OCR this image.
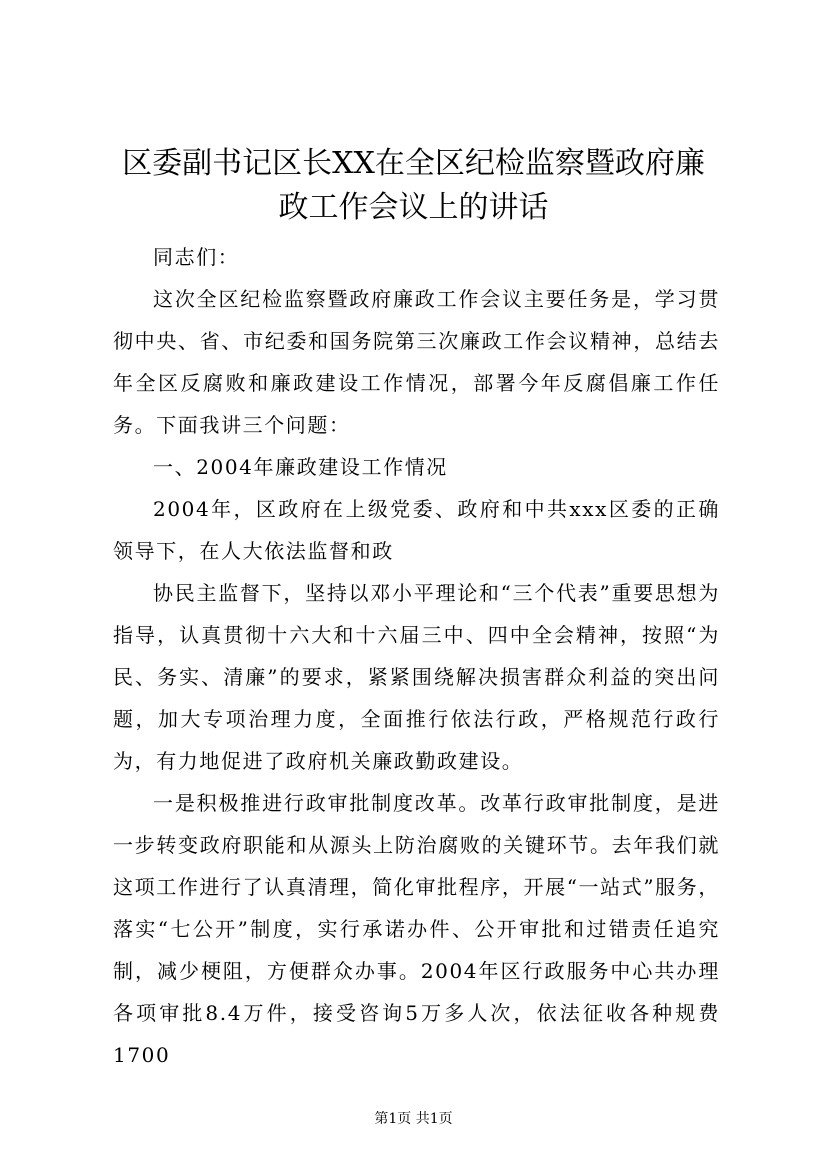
区委副书记区长XX在全区纪检监察暨政府廉
政工作会议上的讲话

同志们：

这次全区纪检监察暨政府廉政工作会议主要任务是，学习贯彻中央、省、市纪委和国务院第三次廉政工作会议精神，总结去年全区反腐败和廉政建设工作情况，部署今年反腐倡廉工作任务。下面我讲三个问题：

一、2004年廉政建设工作情况

2004年，区政府在上级党委、政府和中共xxx区委的正确领导下，在人大依法监督和政

协民主监督下，坚持以邓小平理论和“三个代表”重要思想为指导，认真贯彻十六大和十六届三中、四中全会精神，按照“为民、务实、清廉”的要求，紧紧围绕解决损害群众利益的突出问题，加大专项治理力度，全面推行依法行政，严格规范行政行为，有力地促进了政府机关廉政勤政建设。

一是积极推进行政审批制度改革。改革行政审批制度，是进一步转变政府职能和从源头上防治腐败的关键环节。去年我们就这项工作进行了认真清理，简化审批程序，开展“一站式”服务，落实“七公开”制度，实行承诺办件、公开审批和过错责任追究制，减少梗阻，方便群众办事。2004年区行政服务中心共办理各项审批8.4万件，接受咨询5万多人次，依法征收各种规费1700

第1页 共1页
